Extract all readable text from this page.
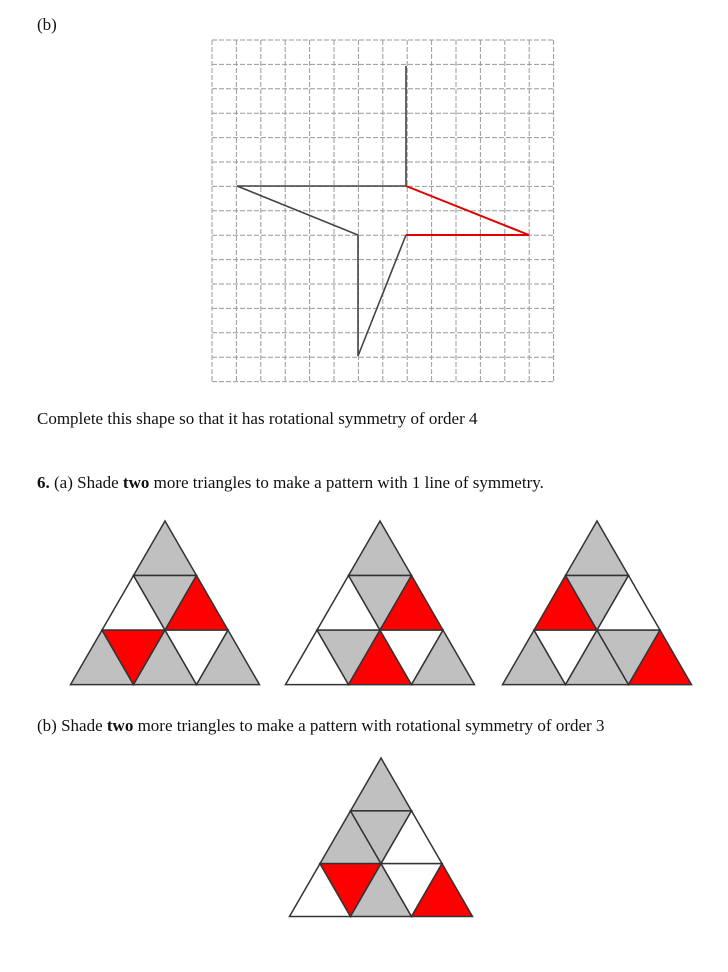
(b)
Complete this shape so that it has rotational symmetry of order 4
6. (a) Shade two more triangles to make a pattern with 1 line of symmetry.
(b) Shade two more triangles to make a pattern with rotational symmetry of order 3
